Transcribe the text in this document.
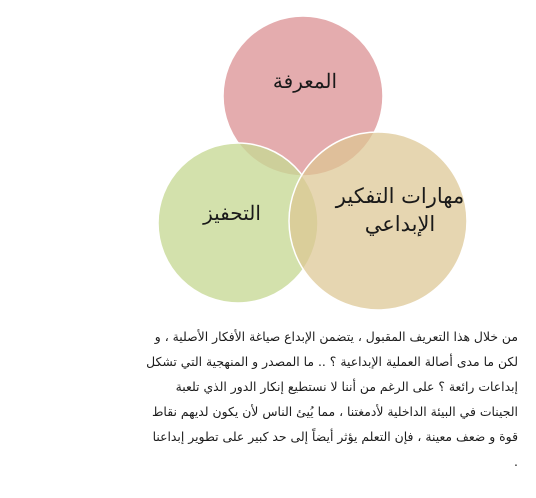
المعرفة
التحفيز
مهارات التفكير
الإبداعي
من خلال هذا التعريف المقبول ، يتضمن الإبداع صياغة الأفكار الأصلية ، و
لكن ما مدى أصالة العملية الإبداعية ؟ .. ما المصدر و المنهجية التي تشكل
إبداعات رائعة ؟ على الرغم من أننا لا نستطيع إنكار الدور الذي تلعبة
الجينات في البيئة الداخلية لأدمغتنا ، مما يُيئ الناس لأن يكون لديهم نقاط
قوة و ضعف معينة ، فإن التعلم يؤثر أيضاً إلى حد كبير على تطوير إبداعنا
.
